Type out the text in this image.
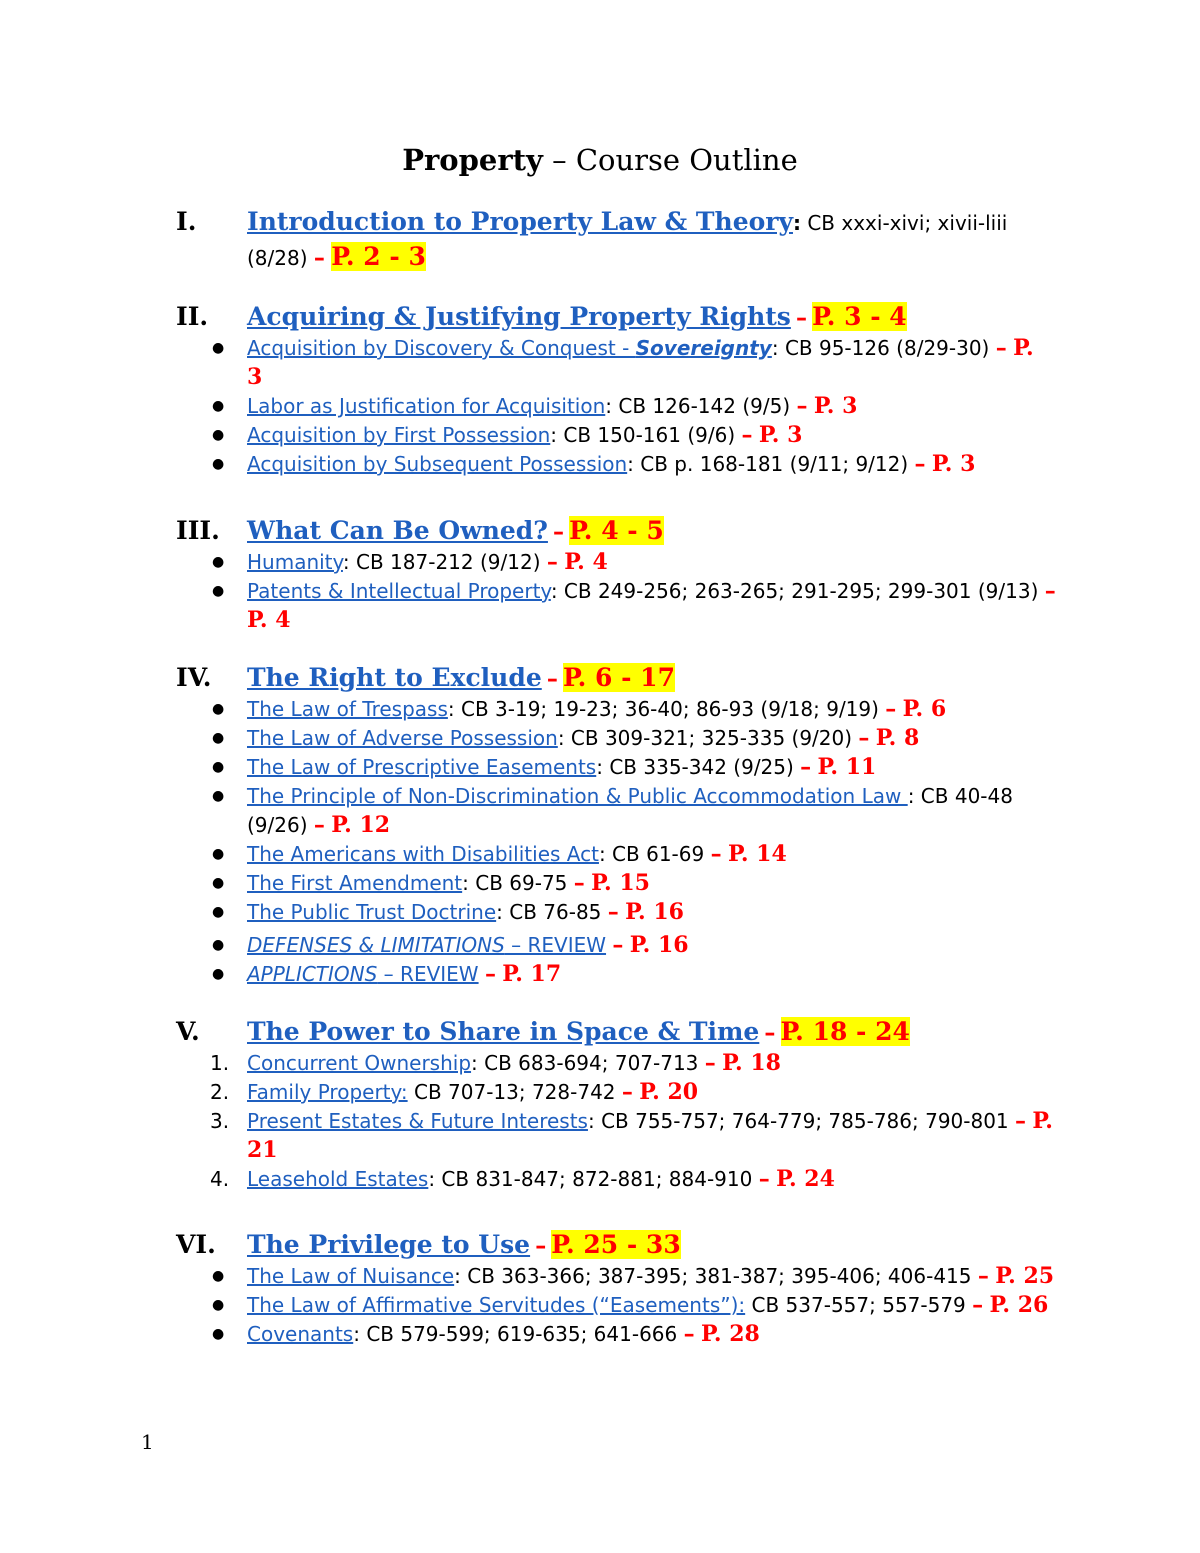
Property – Course Outline
I.	Introduction to Property Law & Theory: CB xxxi-xivi; xivii-liii (8/28) – P. 2 - 3
II.	Acquiring & Justifying Property Rights – P. 3 - 4
● Acquisition by Discovery & Conquest - Sovereignty: CB 95-126 (8/29-30) – P. 3
● Labor as Justification for Acquisition: CB 126-142 (9/5) – P. 3
● Acquisition by First Possession: CB 150-161 (9/6) – P. 3
● Acquisition by Subsequent Possession: CB p. 168-181 (9/11; 9/12) – P. 3
III.	What Can Be Owned? – P. 4 - 5
● Humanity: CB 187-212 (9/12) – P. 4
● Patents & Intellectual Property: CB 249-256; 263-265; 291-295; 299-301 (9/13) – P. 4
IV.	The Right to Exclude – P. 6 - 17
● The Law of Trespass: CB 3-19; 19-23; 36-40; 86-93 (9/18; 9/19) – P. 6
● The Law of Adverse Possession: CB 309-321; 325-335 (9/20) – P. 8
● The Law of Prescriptive Easements: CB 335-342 (9/25) – P. 11
● The Principle of Non-Discrimination & Public Accommodation Law : CB 40-48 (9/26) – P. 12
● The Americans with Disabilities Act: CB 61-69 – P. 14
● The First Amendment: CB 69-75 – P. 15
● The Public Trust Doctrine: CB 76-85 – P. 16
● DEFENSES & LIMITATIONS – REVIEW – P. 16
● APPLICTIONS – REVIEW – P. 17
V.	The Power to Share in Space & Time – P. 18 - 24
1. Concurrent Ownership: CB 683-694; 707-713 – P. 18
2. Family Property: CB 707-13; 728-742 – P. 20
3. Present Estates & Future Interests: CB 755-757; 764-779; 785-786; 790-801 – P. 21
4. Leasehold Estates: CB 831-847; 872-881; 884-910 – P. 24
VI.	The Privilege to Use – P. 25 - 33
● The Law of Nuisance: CB 363-366; 387-395; 381-387; 395-406; 406-415 – P. 25
● The Law of Affirmative Servitudes (“Easements”): CB 537-557; 557-579 – P. 26
● Covenants: CB 579-599; 619-635; 641-666 – P. 28
1
